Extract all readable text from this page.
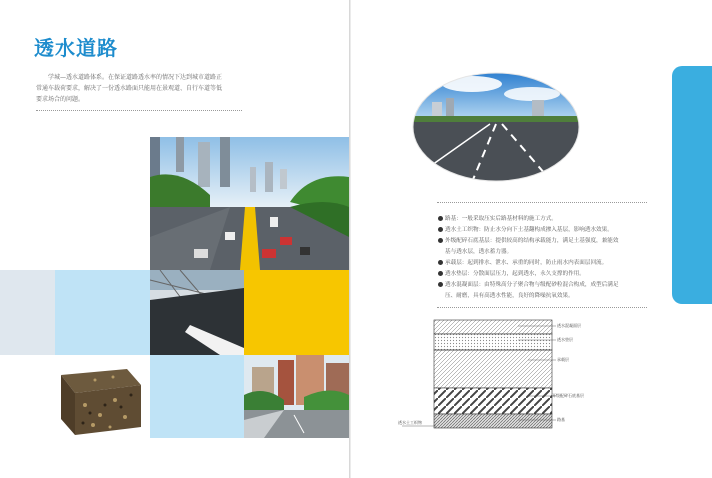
透水道路

学城—透水道路体系。在保证道路透水率的情况下达到城市道路正常通车载荷要求，解决了一份透水路面只能用在景观道、自行车道等低要求场合的问题。

路基：一般采取压实后路基材料的施工方式。
透水土工织物：防止水分向下土基翻构成掺入基层，影响透水效果。
外级配碎石底基层：提供较高的结构承载能力，满足土基强度，兼能效
基与透水层，透水蓄力器。
承载层：起到排水、泄水、承重的同时，防止雨水内表面层回流。
透水垫层：分散面层压力，起到透水，永久支撑的作用。
透水混凝面层：由特殊高分子聚合物与级配砂粒混合构成，成型后满足
压、耐磨，具有高透水性能，良好的降噪抗氧效果。
透水混凝面层
透水垫层
承载层
开级配碎石底基层
路基
透水土工织物
